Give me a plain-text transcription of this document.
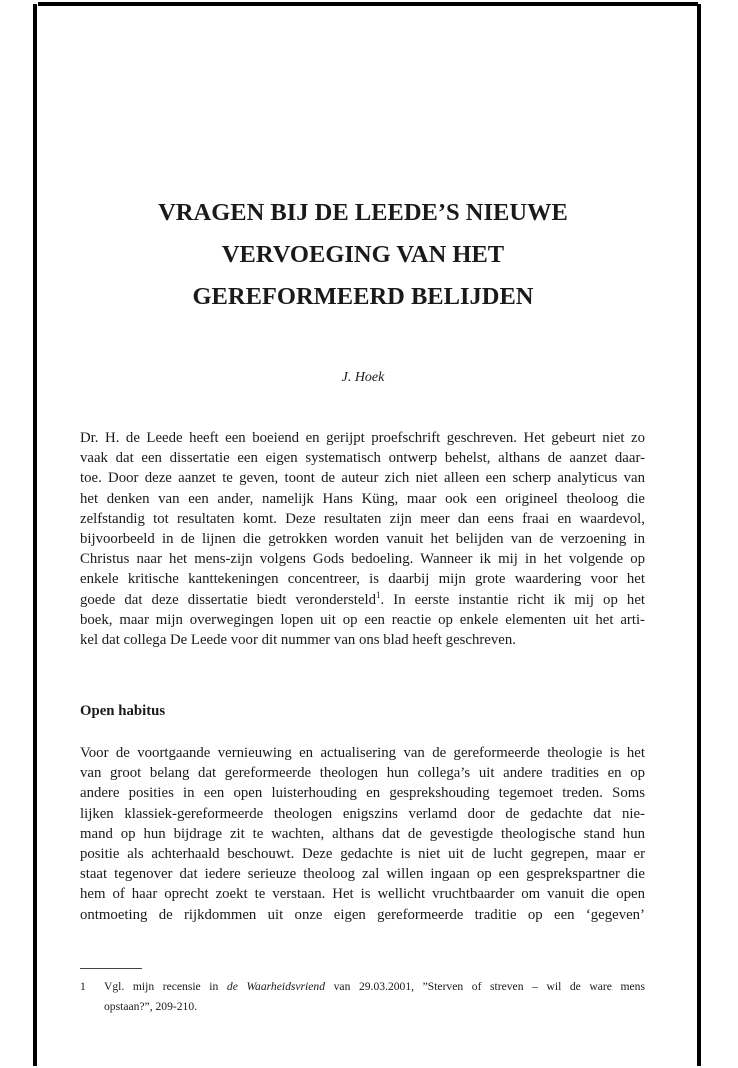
VRAGEN BIJ DE LEEDE’S NIEUWE
VERVOEGING VAN HET
GEREFORMEERD BELIJDEN

J. Hoek

Dr. H. de Leede heeft een boeiend en gerijpt proefschrift geschreven. Het gebeurt niet zo
vaak dat een dissertatie een eigen systematisch ontwerp behelst, althans de aanzet daar-
toe. Door deze aanzet te geven, toont de auteur zich niet alleen een scherp analyticus van
het denken van een ander, namelijk Hans Küng, maar ook een origineel theoloog die
zelfstandig tot resultaten komt. Deze resultaten zijn meer dan eens fraai en waardevol,
bijvoorbeeld in de lijnen die getrokken worden vanuit het belijden van de verzoening in
Christus naar het mens-zijn volgens Gods bedoeling. Wanneer ik mij in het volgende op
enkele kritische kanttekeningen concentreer, is daarbij mijn grote waardering voor het
goede dat deze dissertatie biedt verondersteld$^1$. In eerste instantie richt ik mij op het
boek, maar mijn overwegingen lopen uit op een reactie op enkele elementen uit het arti-
kel dat collega De Leede voor dit nummer van ons blad heeft geschreven.
Open habitus
Voor de voortgaande vernieuwing en actualisering van de gereformeerde theologie is het
van groot belang dat gereformeerde theologen hun collega’s uit andere tradities en op
andere posities in een open luisterhouding en gesprekshouding tegemoet treden. Soms
lijken klassiek-gereformeerde theologen enigszins verlamd door de gedachte dat nie-
mand op hun bijdrage zit te wachten, althans dat de gevestigde theologische stand hun
positie als achterhaald beschouwt. Deze gedachte is niet uit de lucht gegrepen, maar er
staat tegenover dat iedere serieuze theoloog zal willen ingaan op een gesprekspartner die
hem of haar oprecht zoekt te verstaan. Het is wellicht vruchtbaarder om vanuit die open
ontmoeting de rijkdommen uit onze eigen gereformeerde traditie op een ‘gegeven’
1 Vgl. mijn recensie in de Waarheidsvriend van 29.03.2001, ”Sterven of streven – wil de ware mens
opstaan?”, 209-210.
